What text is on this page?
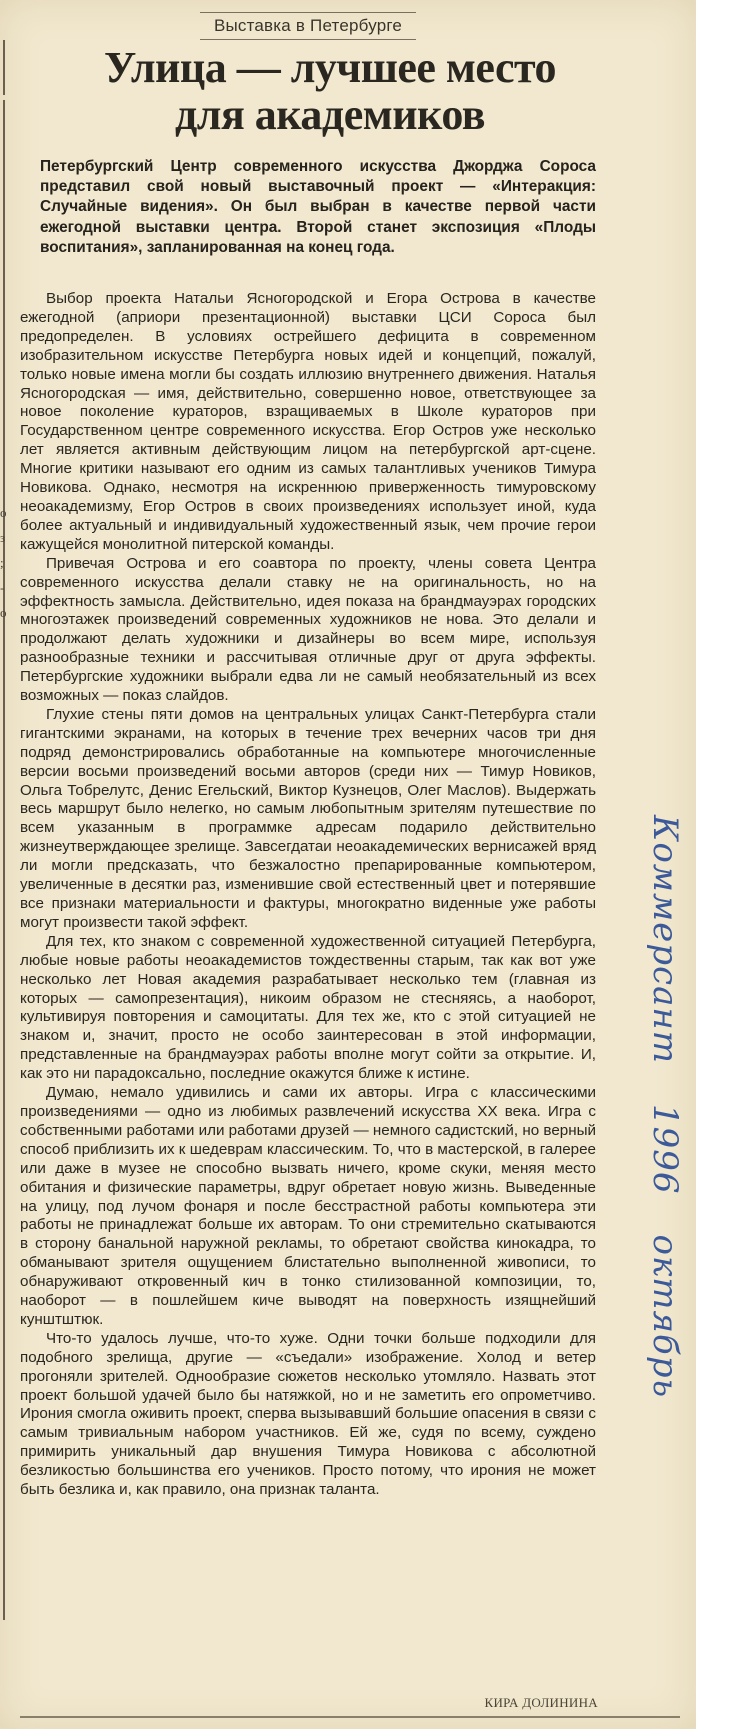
о
з
;
-
о
Выставка в Петербурге
Улица — лучшее место
для академиков

Петербургский Центр современного искусства Джорджа Сороса представил свой новый выставочный проект — «Интеракция: Случайные видения». Он был выбран в качестве первой части ежегодной выставки центра. Второй станет экспозиция «Плоды воспитания», запланированная на конец года.

Выбор проекта Натальи Ясногородской и Егора Острова в качестве ежегодной (априори презентационной) выставки ЦСИ Сороса был предопределен. В условиях острейшего дефицита в современном изобразительном искусстве Петербурга новых идей и концепций, пожалуй, только новые имена могли бы создать иллюзию внутреннего движения. Наталья Ясногородская — имя, действительно, совершенно новое, ответствующее за новое поколение кураторов, взращиваемых в Школе кураторов при Государственном центре современного искусства. Егор Остров уже несколько лет является активным действующим лицом на петербургской арт-сцене. Многие критики называют его одним из самых талантливых учеников Тимура Новикова. Однако, несмотря на искреннюю приверженность тимуровскому неоакадемизму, Егор Остров в своих произведениях использует иной, куда более актуальный и индивидуальный художественный язык, чем прочие герои кажущейся монолитной питерской команды.

Привечая Острова и его соавтора по проекту, члены совета Центра современного искусства делали ставку не на оригинальность, но на эффектность замысла. Действительно, идея показа на брандмауэрах городских многоэтажек произведений современных художников не нова. Это делали и продолжают делать художники и дизайнеры во всем мире, используя разнообразные техники и рассчитывая отличные друг от друга эффекты. Петербургские художники выбрали едва ли не самый необязательный из всех возможных — показ слайдов.

Глухие стены пяти домов на центральных улицах Санкт-Петербурга стали гигантскими экранами, на которых в течение трех вечерних часов три дня подряд демонстрировались обработанные на компьютере многочисленные версии восьми произведений восьми авторов (среди них — Тимур Новиков, Ольга Тобрелутс, Денис Егельский, Виктор Кузнецов, Олег Маслов). Выдержать весь маршрут было нелегко, но самым любопытным зрителям путешествие по всем указанным в программке адресам подарило действительно жизнеутверждающее зрелище. Завсегдатаи неоакадемических вернисажей вряд ли могли предсказать, что безжалостно препарированные компьютером, увеличенные в десятки раз, изменившие свой естественный цвет и потерявшие все признаки материальности и фактуры, многократно виденные уже работы могут произвести такой эффект.

Для тех, кто знаком с современной художественной ситуацией Петербурга, любые новые работы неоакадемистов тождественны старым, так как вот уже несколько лет Новая академия разрабатывает несколько тем (главная из которых — самопрезентация), никоим образом не стесняясь, а наоборот, культивируя повторения и самоцитаты. Для тех же, кто с этой ситуацией не знаком и, значит, просто не особо заинтересован в этой информации, представленные на брандмауэрах работы вполне могут сойти за открытие. И, как это ни парадоксально, последние окажутся ближе к истине.

Думаю, немало удивились и сами их авторы. Игра с классическими произведениями — одно из любимых развлечений искусства XX века. Игра с собственными работами или работами друзей — немного садистский, но верный способ приблизить их к шедеврам классическим. То, что в мастерской, в галерее или даже в музее не способно вызвать ничего, кроме скуки, меняя место обитания и физические параметры, вдруг обретает новую жизнь. Выведенные на улицу, под лучом фонаря и после бесстрастной работы компьютера эти работы не принадлежат больше их авторам. То они стремительно скатываются в сторону банальной наружной рекламы, то обретают свойства кинокадра, то обманывают зрителя ощущением блистательно выполненной живописи, то обнаруживают откровенный кич в тонко стилизованной композиции, то, наоборот — в пошлейшем киче выводят на поверхность изящнейший кунштштюк.

Что-то удалось лучше, что-то хуже. Одни точки больше подходили для подобного зрелища, другие — «съедали» изображение. Холод и ветер прогоняли зрителей. Однообразие сюжетов несколько утомляло. Назвать этот проект большой удачей было бы натяжкой, но и не заметить его опрометчиво. Ирония смогла оживить проект, сперва вызывавший большие опасения в связи с самым тривиальным набором участников. Ей же, судя по всему, суждено примирить уникальный дар внушения Тимура Новикова с абсолютной безликостью большинства его учеников. Просто потому, что ирония не может быть безлика и, как правило, она признак таланта.

КИРА ДОЛИНИНА
Коммерсант1996октябрь
